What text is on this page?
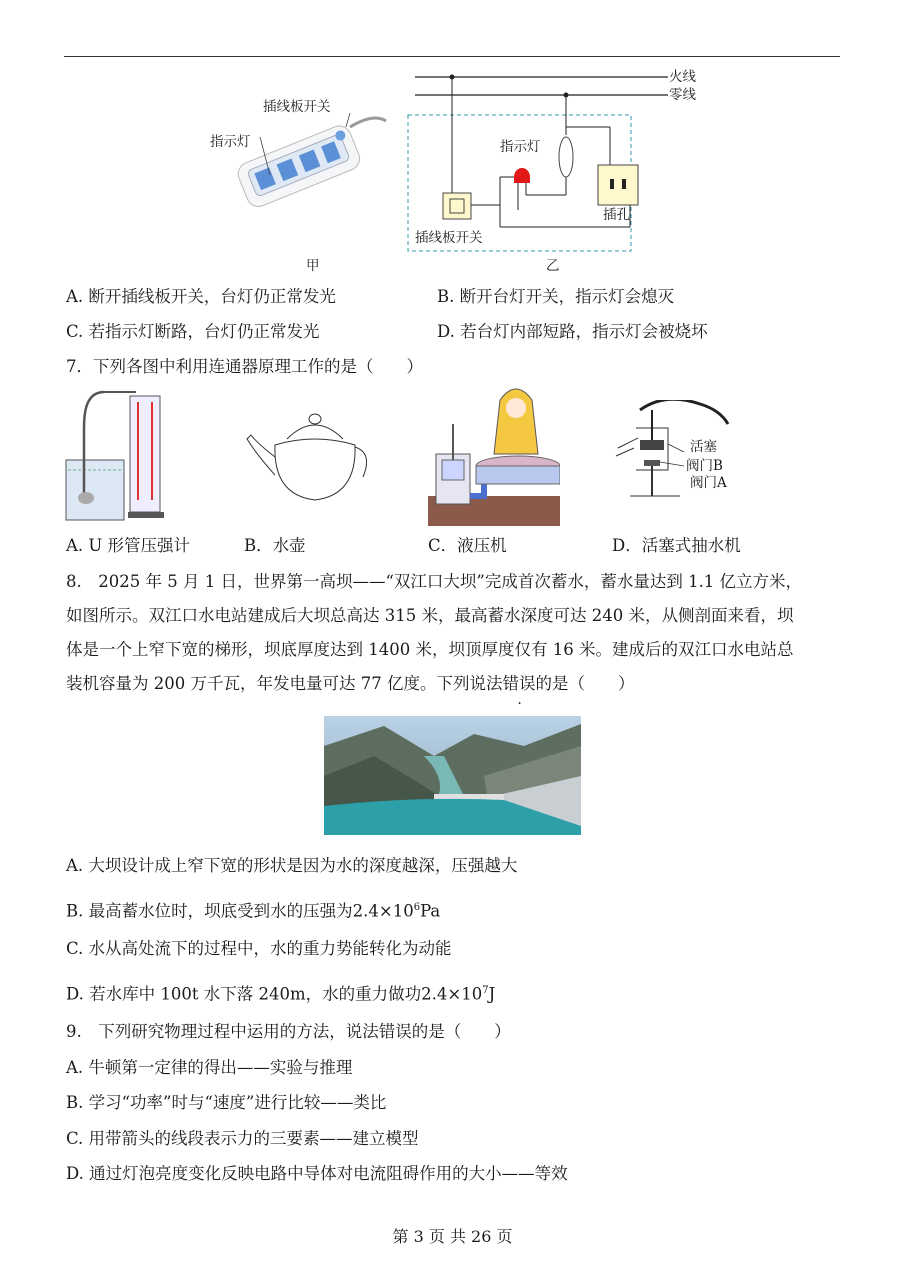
插线板开关
指示灯
甲
火线
零线
指示灯
插孔
插线板开关
乙
A. 断开插线板开关，台灯仍正常发光	B. 断开台灯开关，指示灯会熄灭
C. 若指示灯断路，台灯仍正常发光	D. 若台灯内部短路，指示灯会被烧坏
7．下列各图中利用连通器原理工作的是（　　）
活塞
阀门B
阀门A
A. U 形管压强计	B．水壶	C．液压机	D．活塞式抽水机
8.　2025 年 5 月 1 日，世界第一高坝——“双江口大坝”完成首次蓄水，蓄水量达到 1.1 亿立方米，
如图所示。双江口水电站建成后大坝总高达 315 米，最高蓄水深度可达 240 米，从侧剖面来看，坝
体是一个上窄下宽的梯形，坝底厚度达到 1400 米，坝顶厚度仅有 16 米。建成后的双江口水电站总
装机容量为 200 万千瓦，年发电量可达 77 亿度。下列说法错误的是（　　）
A. 大坝设计成上窄下宽的形状是因为水的深度越深，压强越大
B. 最高蓄水位时，坝底受到水的压强为$2.4\times 10^6Pa$
C. 水从高处流下的过程中，水的重力势能转化为动能
D. 若水库中 100t 水下落 240m，水的重力做功$2.4\times 10^7J$
9.　下列研究物理过程中运用的方法，说法错误的是（　　）
A. 牛顿第一定律的得出——实验与推理
B. 学习“功率”时与“速度”进行比较——类比
C. 用带箭头的线段表示力的三要素——建立模型
D. 通过灯泡亮度变化反映电路中导体对电流阻碍作用的大小——等效
第 3 页 共 26 页
